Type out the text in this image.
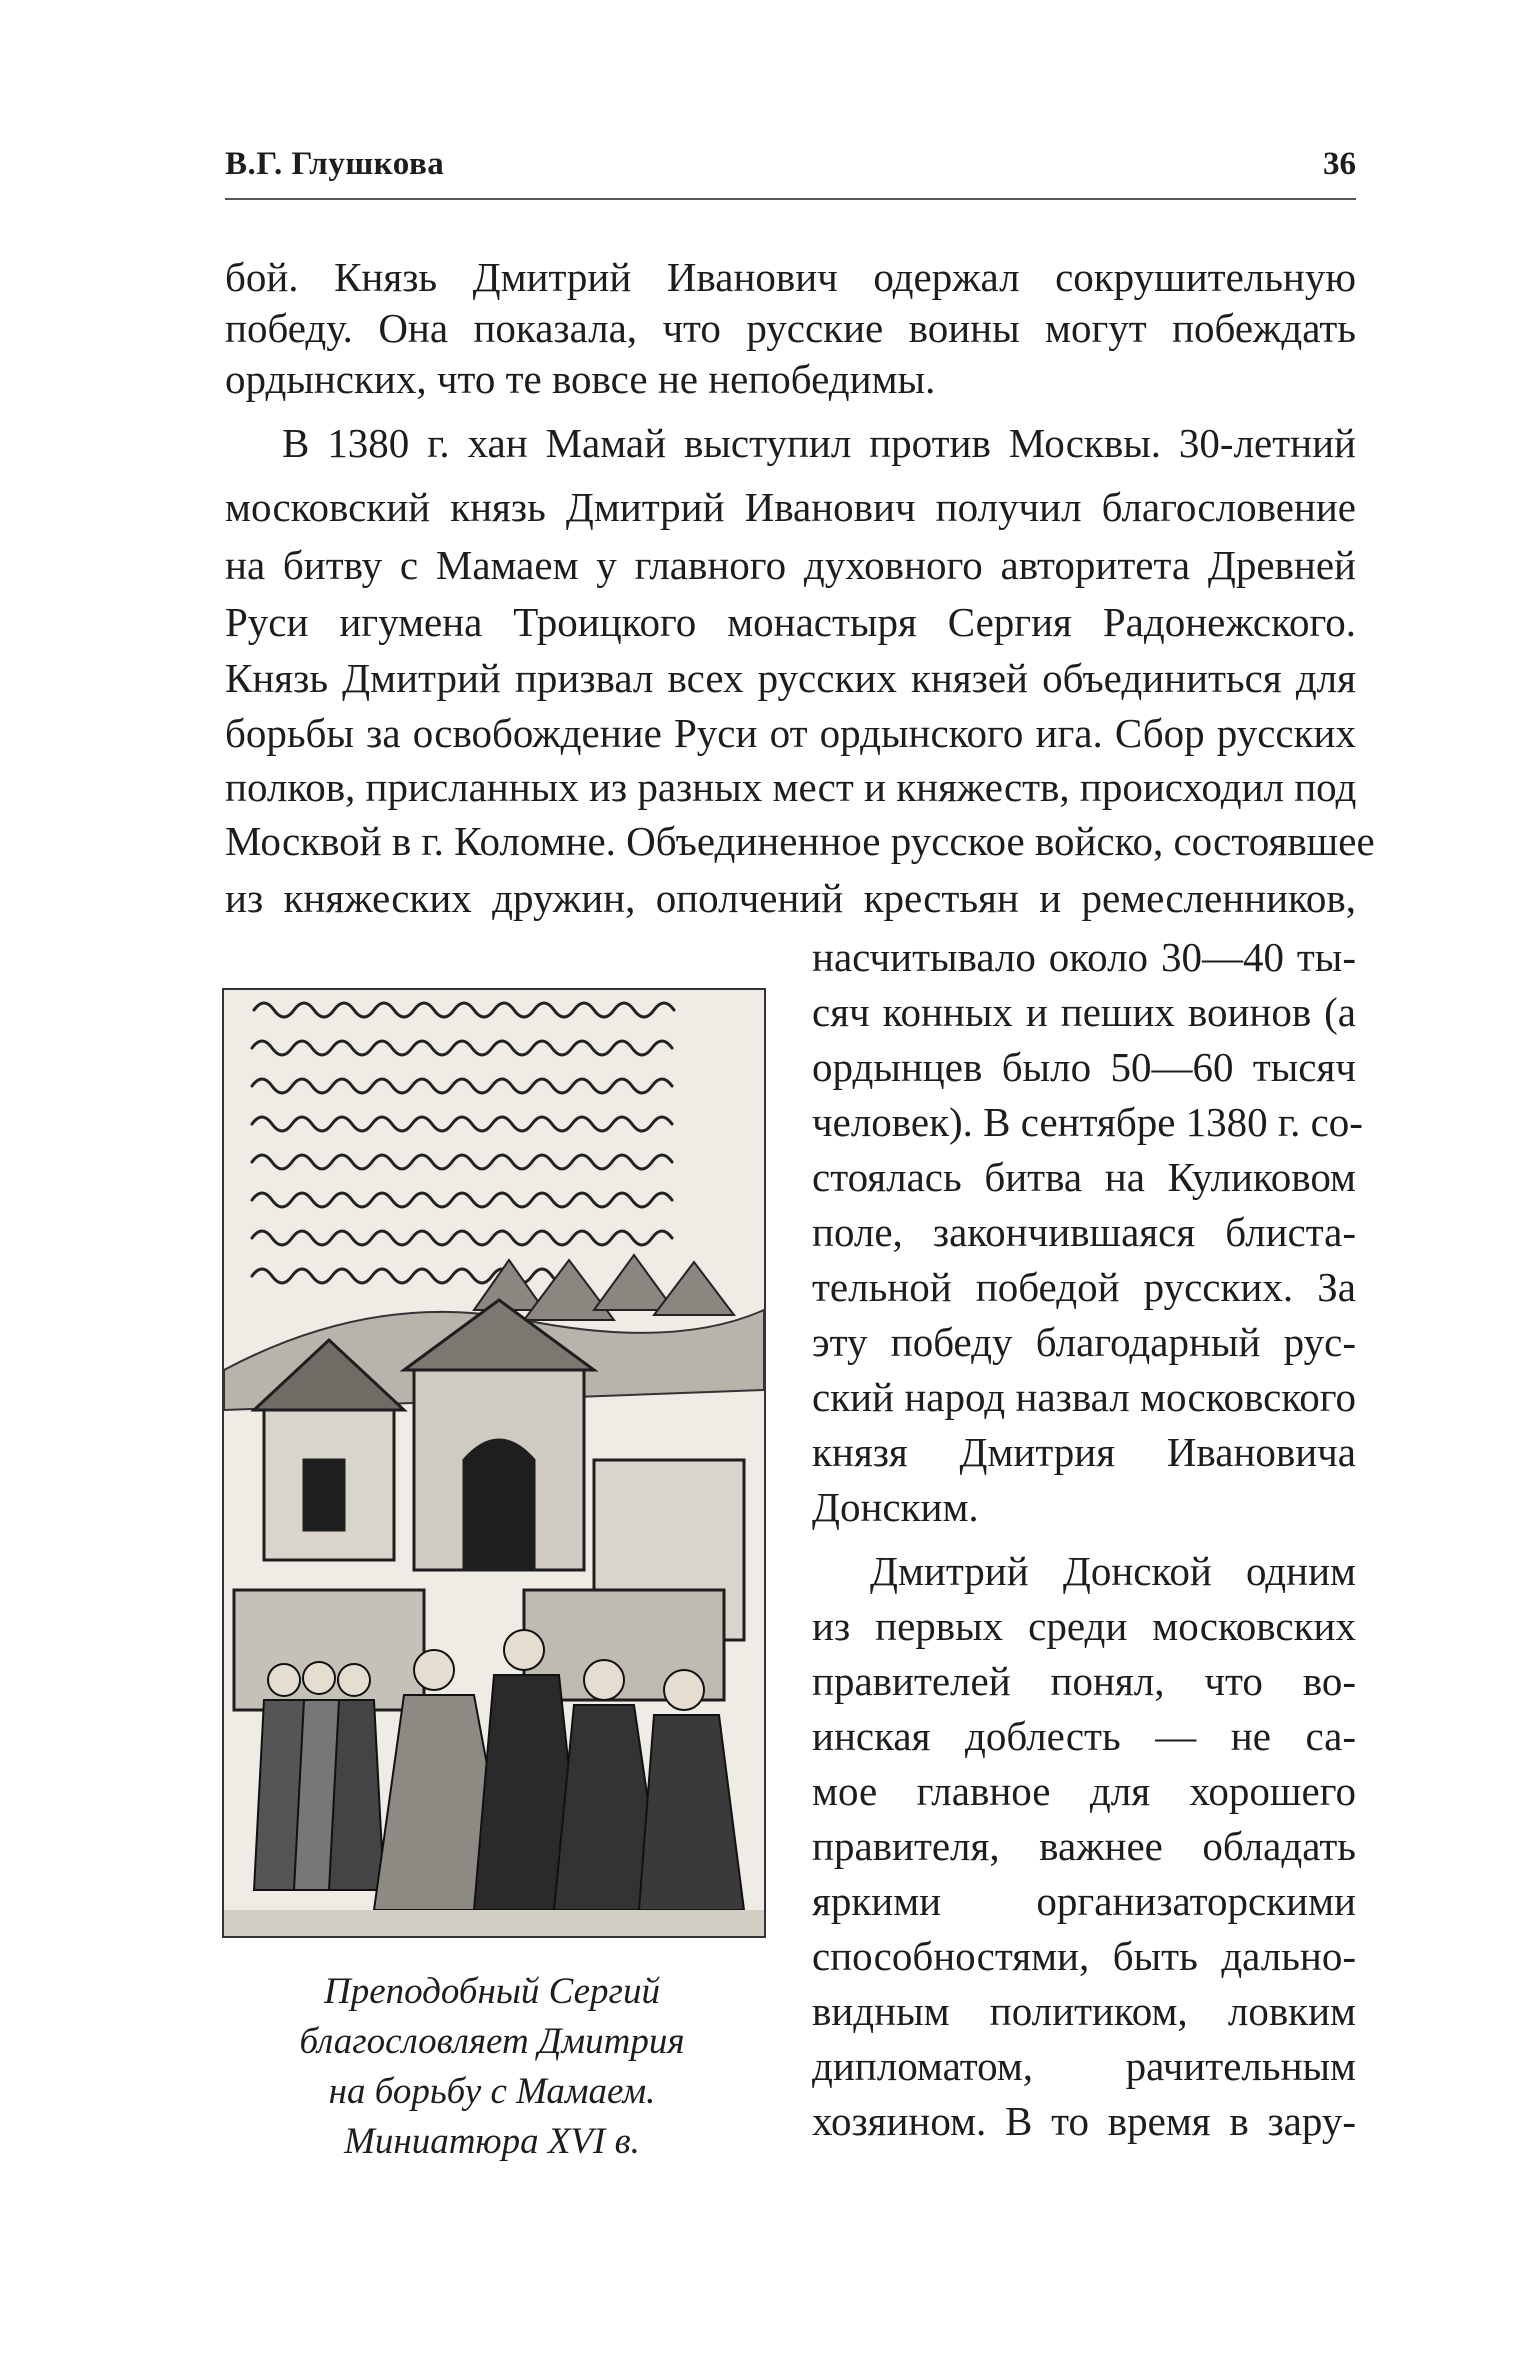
В.Г. Глушкова	36
бой. Князь Дмитрий Иванович одержал сокрушительную
победу. Она показала, что русские воины могут побеждать
ордынских, что те вовсе не непобедимы.
В 1380 г. хан Мамай выступил против Москвы. 30-летний
московский князь Дмитрий Иванович получил благословение
на битву с Мамаем у главного духовного авторитета Древней
Руси игумена Троицкого монастыря Сергия Радонежского.
Князь Дмитрий призвал всех русских князей объединиться для
борьбы за освобождение Руси от ордынского ига. Сбор русских
полков, присланных из разных мест и княжеств, происходил под
Москвой в г. Коломне. Объединенное русское войско, состоявшее
из княжеских дружин, ополчений крестьян и ремесленников,
насчитывало около 30—40 ты-
сяч конных и пеших воинов (а
ордынцев было 50—60 тысяч
человек). В сентябре 1380 г. со-
стоялась битва на Куликовом
поле, закончившаяся блиста-
тельной победой русских. За
эту победу благодарный рус-
ский народ назвал московского
князя Дмитрия Ивановича
Донским.
Дмитрий Донской одним
из первых среди московских
правителей понял, что во-
инская доблесть — не са-
мое главное для хорошего
правителя, важнее обладать
яркими организаторскими
способностями, быть дально-
видным политиком, ловким
дипломатом, рачительным
хозяином. В то время в зару-
Преподобный Сергий
благословляет Дмитрия
на борьбу с Мамаем.
Миниатюра XVI в.
